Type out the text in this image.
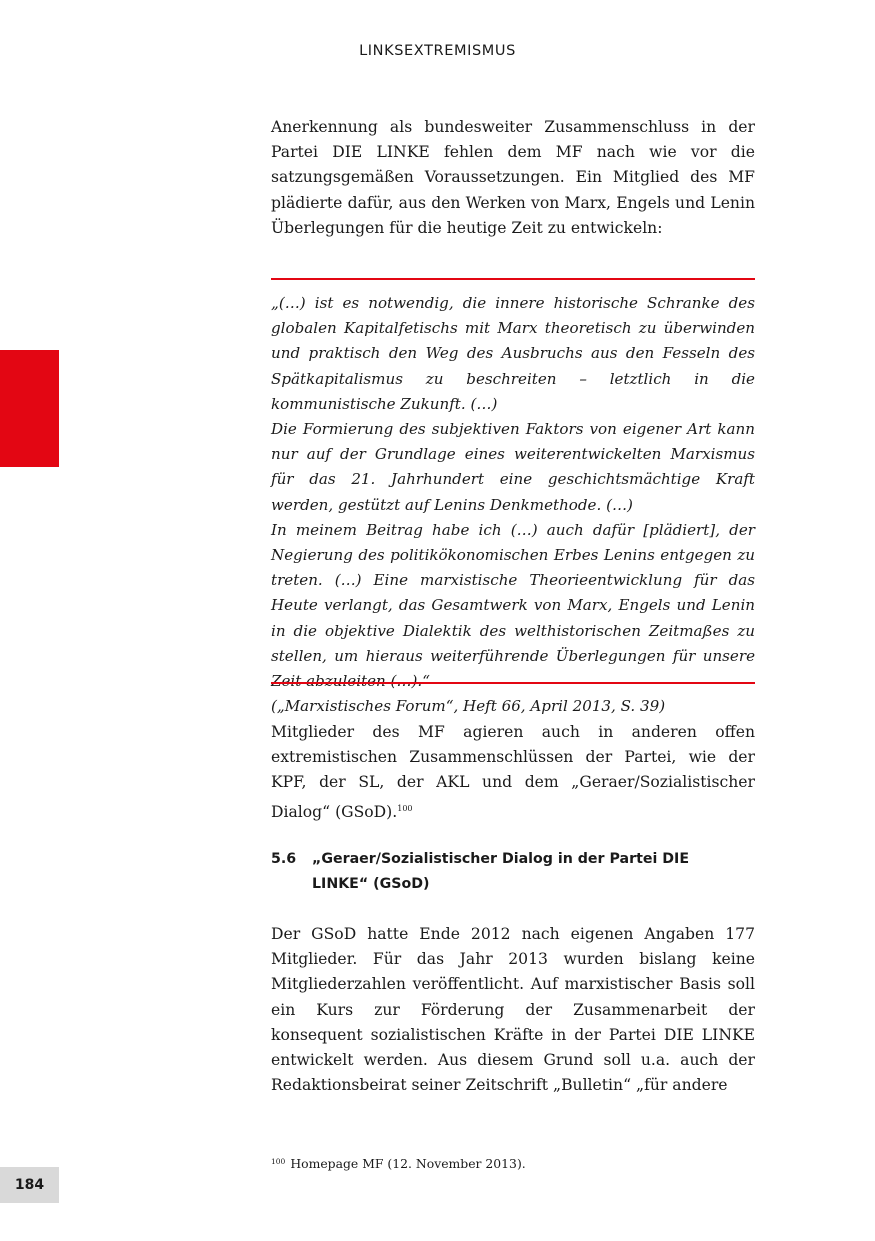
LINKSEXTREMISMUS

Anerkennung als bundesweiter Zusammenschluss in der Partei DIE LINKE fehlen dem MF nach wie vor die satzungsgemäßen Voraussetzungen. Ein Mitglied des MF plädierte dafür, aus den Werken von Marx, Engels und Lenin Überlegungen für die heutige Zeit zu entwickeln:

„(…) ist es notwendig, die innere historische Schranke des globalen Kapitalfetischs mit Marx theoretisch zu überwinden und praktisch den Weg des Ausbruchs aus den Fesseln des Spätkapitalismus zu beschreiten – letztlich in die kommunistische Zukunft. (…)

Die Formierung des subjektiven Faktors von eigener Art kann nur auf der Grundlage eines weiterentwickelten Marxismus für das 21. Jahrhundert eine geschichtsmächtige Kraft werden, gestützt auf Lenins Denkmethode. (…)

In meinem Beitrag habe ich (…) auch dafür [plädiert], der Negierung des politikökonomischen Erbes Lenins entgegen zu treten. (…) Eine marxistische Theorieentwicklung für das Heute verlangt, das Gesamtwerk von Marx, Engels und Lenin in die objektive Dialektik des welthistorischen Zeitmaßes zu stellen, um hieraus weiterführende Überlegungen für unsere

(„Marxistisches Forum“, Heft 66, April 2013, S. 39)

Mitglieder des MF agieren auch in anderen offen extremistischen Zusammenschlüssen der Partei, wie der KPF, der SL, der AKL und dem „Geraer/Sozialistischer Dialog“ (GSoD).$^{100}$

5.6 „Geraer/Sozialistischer Dialog in der Partei DIE LINKE“ (GSoD)

Der GSoD hatte Ende 2012 nach eigenen Angaben 177 Mitglieder. Für das Jahr 2013 wurden bislang keine Mitgliederzahlen veröffentlicht. Auf marxistischer Basis soll ein Kurs zur Förderung der Zusammenarbeit der konsequent sozialistischen Kräfte in der Partei DIE LINKE entwickelt werden. Aus diesem Grund soll u.a. auch der Redaktionsbeirat seiner Zeitschrift „Bulletin“ „für andere

$^{100}$ Homepage MF (12. November 2013).
184
